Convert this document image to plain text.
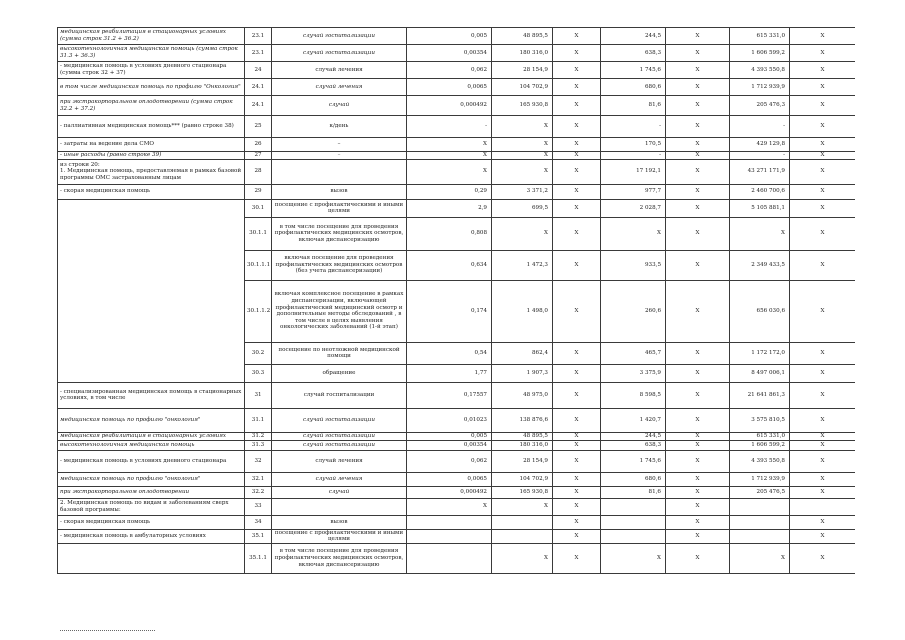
медицинская реабилитация в стационарных условиях (сумма строк 31.2 + 36.2)	23.1	случай госпитализации	0,005	48 895,5	Х	244,5	Х	615 331,0	Х
высокотехнологичная медицинская помощь (сумма строк 31.3 + 36.3)	23.1	случай госпитализации	0,00354	180 316,0	Х	638,3	Х	1 606 599,2	Х
- медицинская помощь в условиях дневного стационара (сумма строк 32 + 37)	24	случай лечения	0,062	28 154,9	Х	1 745,6	Х	4 393 550,8	Х
в том числе медицинская помощь по профилю "Онкология"	24.1	случай лечения	0,0065	104 702,9	Х	680,6	Х	1 712 939,9	Х
при экстракорпоральном оплодотворении (сумма строк 32.2 + 37.2)	24.1	случай	0,000492	165 930,8	Х	81,6	Х	205 476,3	Х
- паллиативная медицинская помощь*** (равно строке 38)	25	к/день	-	Х	Х	-	Х	-	Х
- затраты на ведение дела СМО	26	–	Х	Х	Х	170,5	Х	429 129,8	Х
- иные расходы (равно строке 39)	27	–	Х	Х	Х	-	Х	-	Х
из строки 20:
1. Медицинская помощь, предоставляемая в рамках базовой программы ОМС застрахованным лицам	28		Х	Х	Х	17 192,1	Х	43 271 171,9	Х
- скорая медицинская помощь	29	вызов	0,29	3 371,2	Х	977,7	Х	2 460 700,6	Х
	30.1	посещение с профилактическими и иными целями	2,9	699,5	Х	2 028,7	Х	5 105 881,1	Х
	30.1.1	в том числе посещение для проведения профилактических медицинских осмотров, включая диспансеризацию	0,808	Х	Х	Х	Х	Х	Х
	30.1.1.1	включая посещение для проведения профилактических медицинских осмотров (без учета диспансеризации)	0,634	1 472,3	Х	933,5	Х	2 349 433,5	Х
	30.1.1.2	включая комплексное посещение в рамках диспансеризации, включающей профилактический медицинский осмотр и дополнительные методы обследований , в том числе в целях выявления онкологических заболеваний (1-й этап)	0,174	1 498,0	Х	260,6	Х	656 030,6	Х
	30.2	посещение по неотложной медицинской помощи	0,54	862,4	Х	465,7	Х	1 172 172,0	Х
	30.3	обращение	1,77	1 907,3	Х	3 375,9	Х	8 497 006,1	Х
- специализированная медицинская помощь в стационарных условиях, в том числе	31	случай госпитализации	0,17557	48 975,0	Х	8 598,5	Х	21 641 861,3	Х
медицинская помощь по профилю "онкология"	31.1	случай госпитализации	0,01023	138 876,6	Х	1 420,7	Х	3 575 810,5	Х
медицинская реабилитация в стационарных условиях	31.2	случай госпитализации	0,005	48 895,5	Х	244,5	Х	615 331,0	Х
высокотехнологичная медицинская помощь	31.3	случай госпитализации	0,00354	180 316,0	Х	638,3	Х	1 606 599,2	Х
- медицинская помощь в условиях дневного стационара	32	случай лечения	0,062	28 154,9	Х	1 745,6	Х	4 393 550,8	Х
медицинская помощь по профилю "онкология"	32.1	случай лечения	0,0065	104 702,9	Х	680,6	Х	1 712 939,9	Х
при экстракорпоральном оплодотворении	32.2	случай	0,000492	165 930,8	Х	81,6	Х	205 476,5	Х
2. Медицинская помощь по видам и заболеваниям сверх базовой программы:	33		Х	Х	Х		Х		
- скорая медицинская помощь	34	вызов			Х		Х		Х
- медицинская помощь в амбулаторных условиях	35.1	посещение с профилактическими и иными целями			Х		Х		Х
	35.1.1	в том числе посещение для проведения профилактических медицинских осмотров, включая диспансеризацию		Х	Х	Х	Х	Х	Х
